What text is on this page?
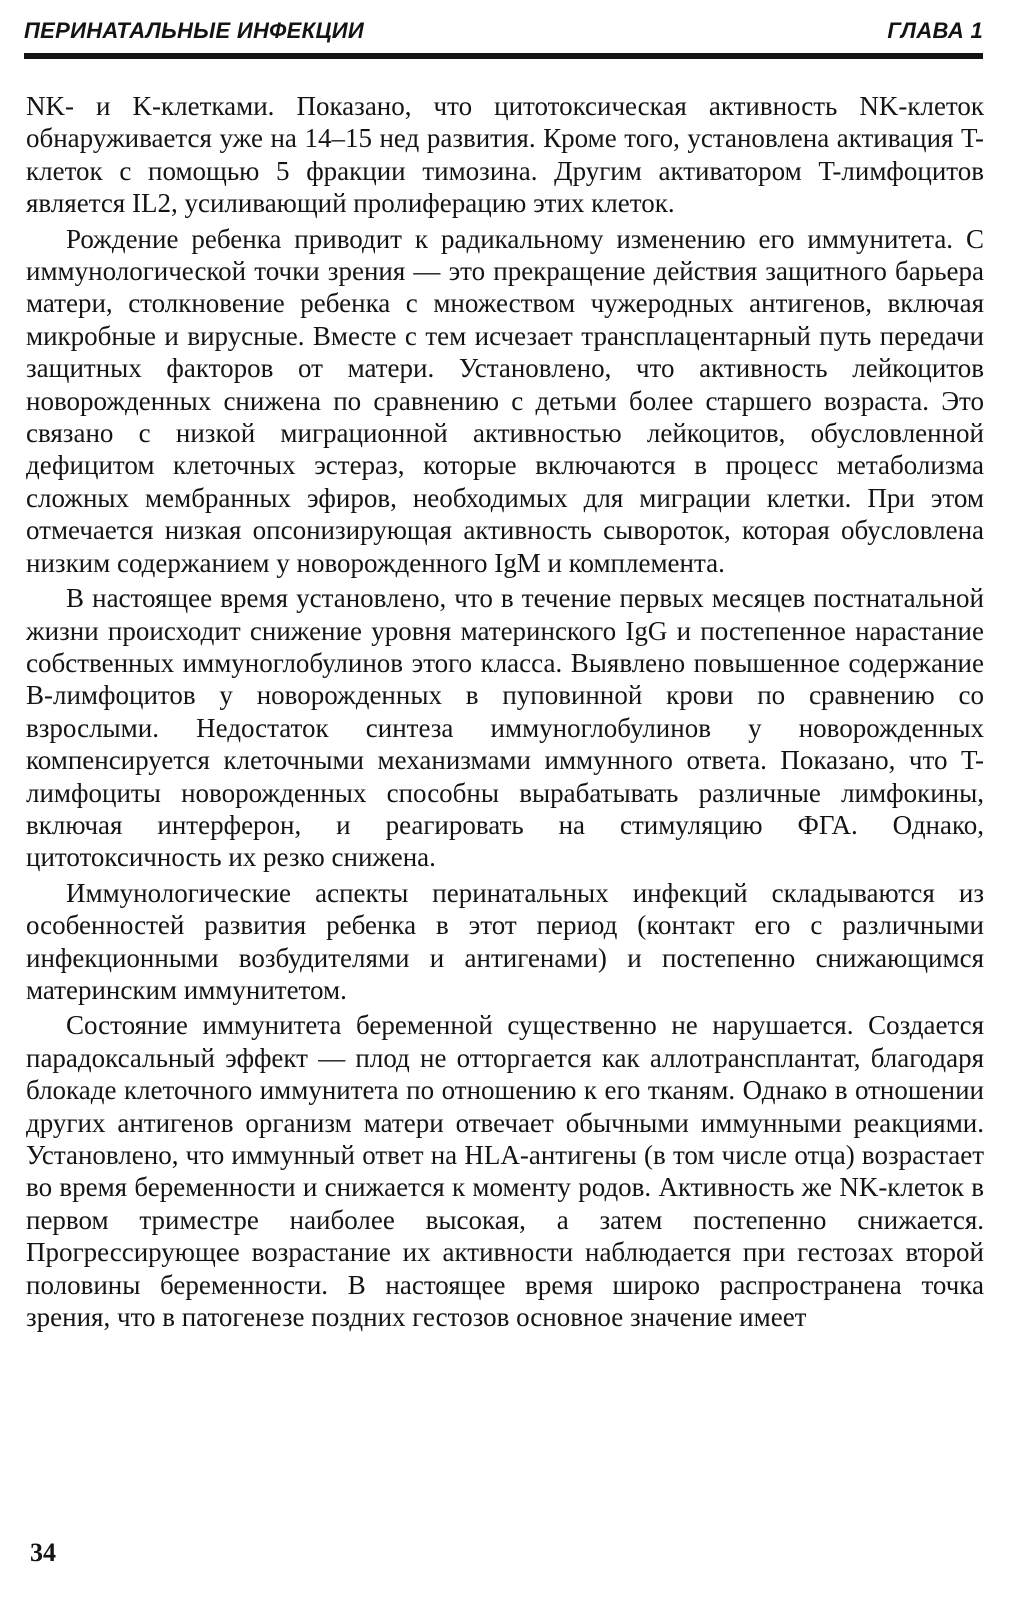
ПЕРИНАТАЛЬНЫЕ ИНФЕКЦИИ	ГЛАВА 1

NK- и K-клетками. Показано, что цитотоксическая активность NK-клеток обнаруживается уже на 14–15 нед развития. Кроме того, установлена активация T-клеток с помощью 5 фракции тимозина. Другим активатором T-лимфоцитов является IL2, усиливающий пролиферацию этих клеток.

Рождение ребенка приводит к радикальному изменению его иммунитета. С иммунологической точки зрения — это прекращение действия защитного барьера матери, столкновение ребенка с множеством чужеродных антигенов, включая микробные и вирусные. Вместе с тем исчезает трансплацентарный путь передачи защитных факторов от матери. Установлено, что активность лейкоцитов новорожденных снижена по сравнению с детьми более старшего возраста. Это связано с низкой миграционной активностью лейкоцитов, обусловленной дефицитом клеточных эстераз, которые включаются в процесс метаболизма сложных мембранных эфиров, необходимых для миграции клетки. При этом отмечается низкая опсонизирующая активность сывороток, которая обусловлена низким содержанием у новорожденного IgM и комплемента.

В настоящее время установлено, что в течение первых месяцев постнатальной жизни происходит снижение уровня материнского IgG и постепенное нарастание собственных иммуноглобулинов этого класса. Выявлено повышенное содержание B-лимфоцитов у новорожденных в пуповинной крови по сравнению со взрослыми. Недостаток синтеза иммуноглобулинов у новорожденных компенсируется клеточными механизмами иммунного ответа. Показано, что T-лимфоциты новорожденных способны вырабатывать различные лимфокины, включая интерферон, и реагировать на стимуляцию ФГА. Однако, цитотоксичность их резко снижена.

Иммунологические аспекты перинатальных инфекций складываются из особенностей развития ребенка в этот период (контакт его с различными инфекционными возбудителями и антигенами) и постепенно снижающимся материнским иммунитетом.

Состояние иммунитета беременной существенно не нарушается. Создается парадоксальный эффект — плод не отторгается как аллотрансплантат, благодаря блокаде клеточного иммунитета по отношению к его тканям. Однако в отношении других антигенов организм матери отвечает обычными иммунными реакциями. Установлено, что иммунный ответ на HLA-антигены (в том числе отца) возрастает во время беременности и снижается к моменту родов. Активность же NK-клеток в первом триместре наиболее высокая, а затем постепенно снижается. Прогрессирующее возрастание их активности наблюдается при гестозах второй половины беременности. В настоящее время широко распространена точка зрения, что в патогенезе поздних гестозов основное значение имеет

34
